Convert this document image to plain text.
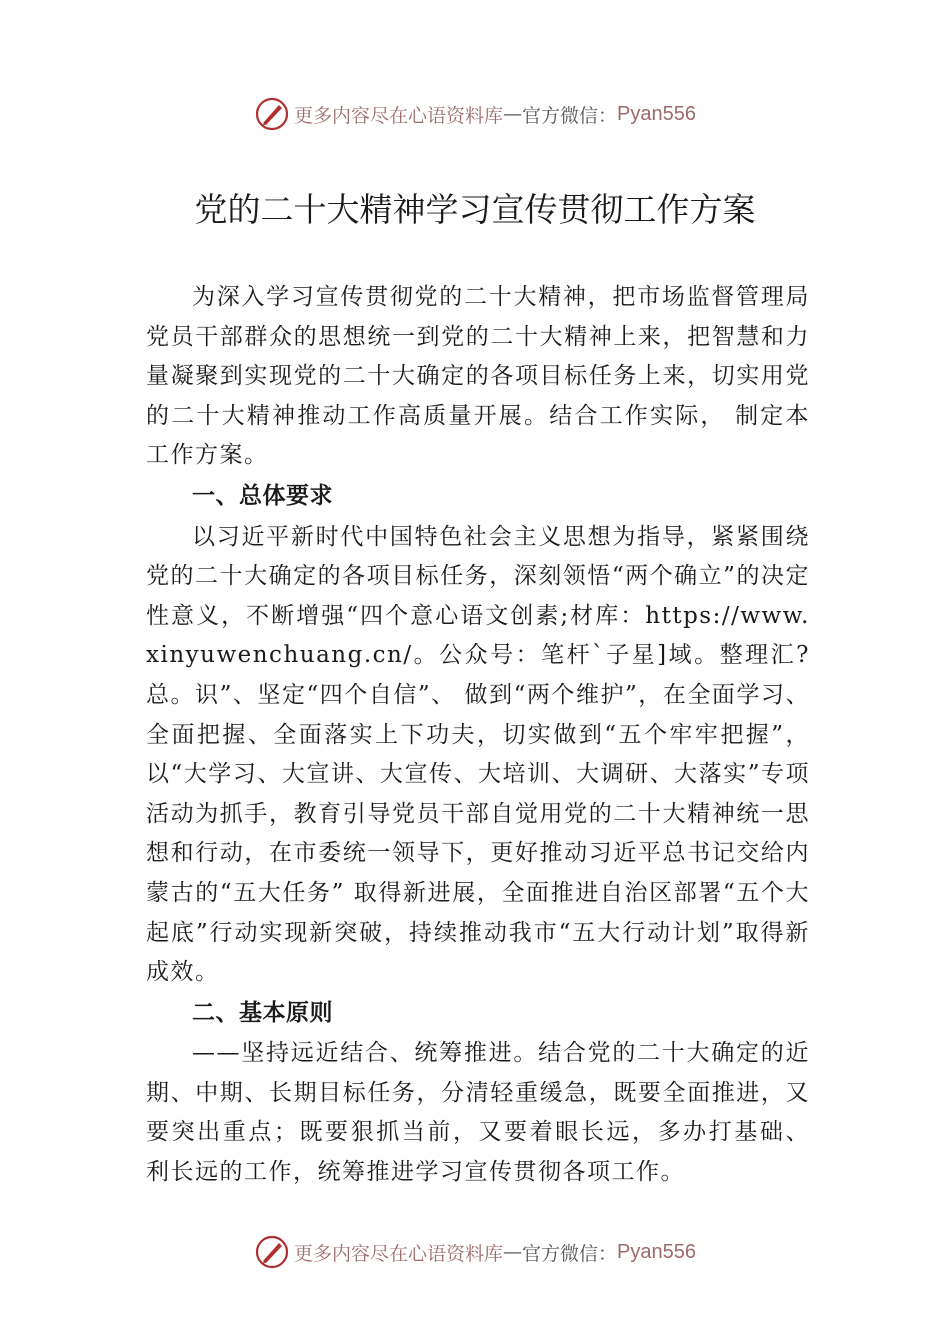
更多内容尽在心语资料库 — 官方微信： Pyan556
党的二十大精神学习宣传贯彻工作方案

为深入学习宣传贯彻党的二十大精神，把市场监督管理局党员干部群众的思想统一到党的二十大精神上来，把智慧和力量凝聚到实现党的二十大确定的各项目标任务上来，切实用党的二十大精神推动工作高质量开展。结合工作实际， 制定本工作方案。

一、总体要求

以习近平新时代中国特色社会主义思想为指导，紧紧围绕党的二十大确定的各项目标任务，深刻领悟“两个确立”的决定性意义，不断增强“四个意心语文创素;材库：https://www.xinyuwenchuang.cn/。公众号：笔杆`子星]域。整理汇?总。识”、坚定“四个自信”、 做到“两个维护”，在全面学习、全面把握、全面落实上下功夫，切实做到“五个牢牢把握”，以“大学习、大宣讲、大宣传、大培训、大调研、大落实”专项活动为抓手，教育引导党员干部自觉用党的二十大精神统一思想和行动，在市委统一领导下，更好推动习近平总书记交给内蒙古的“五大任务” 取得新进展，全面推进自治区部署“五个大起底”行动实现新突破，持续推动我市“五大行动计划”取得新成效。

二、基本原则

——坚持远近结合、统筹推进。结合党的二十大确定的近期、中期、长期目标任务，分清轻重缓急，既要全面推进，又要突出重点；既要狠抓当前，又要着眼长远，多办打基础、 利长远的工作，统筹推进学习宣传贯彻各项工作。

更多内容尽在心语资料库 — 官方微信： Pyan556
